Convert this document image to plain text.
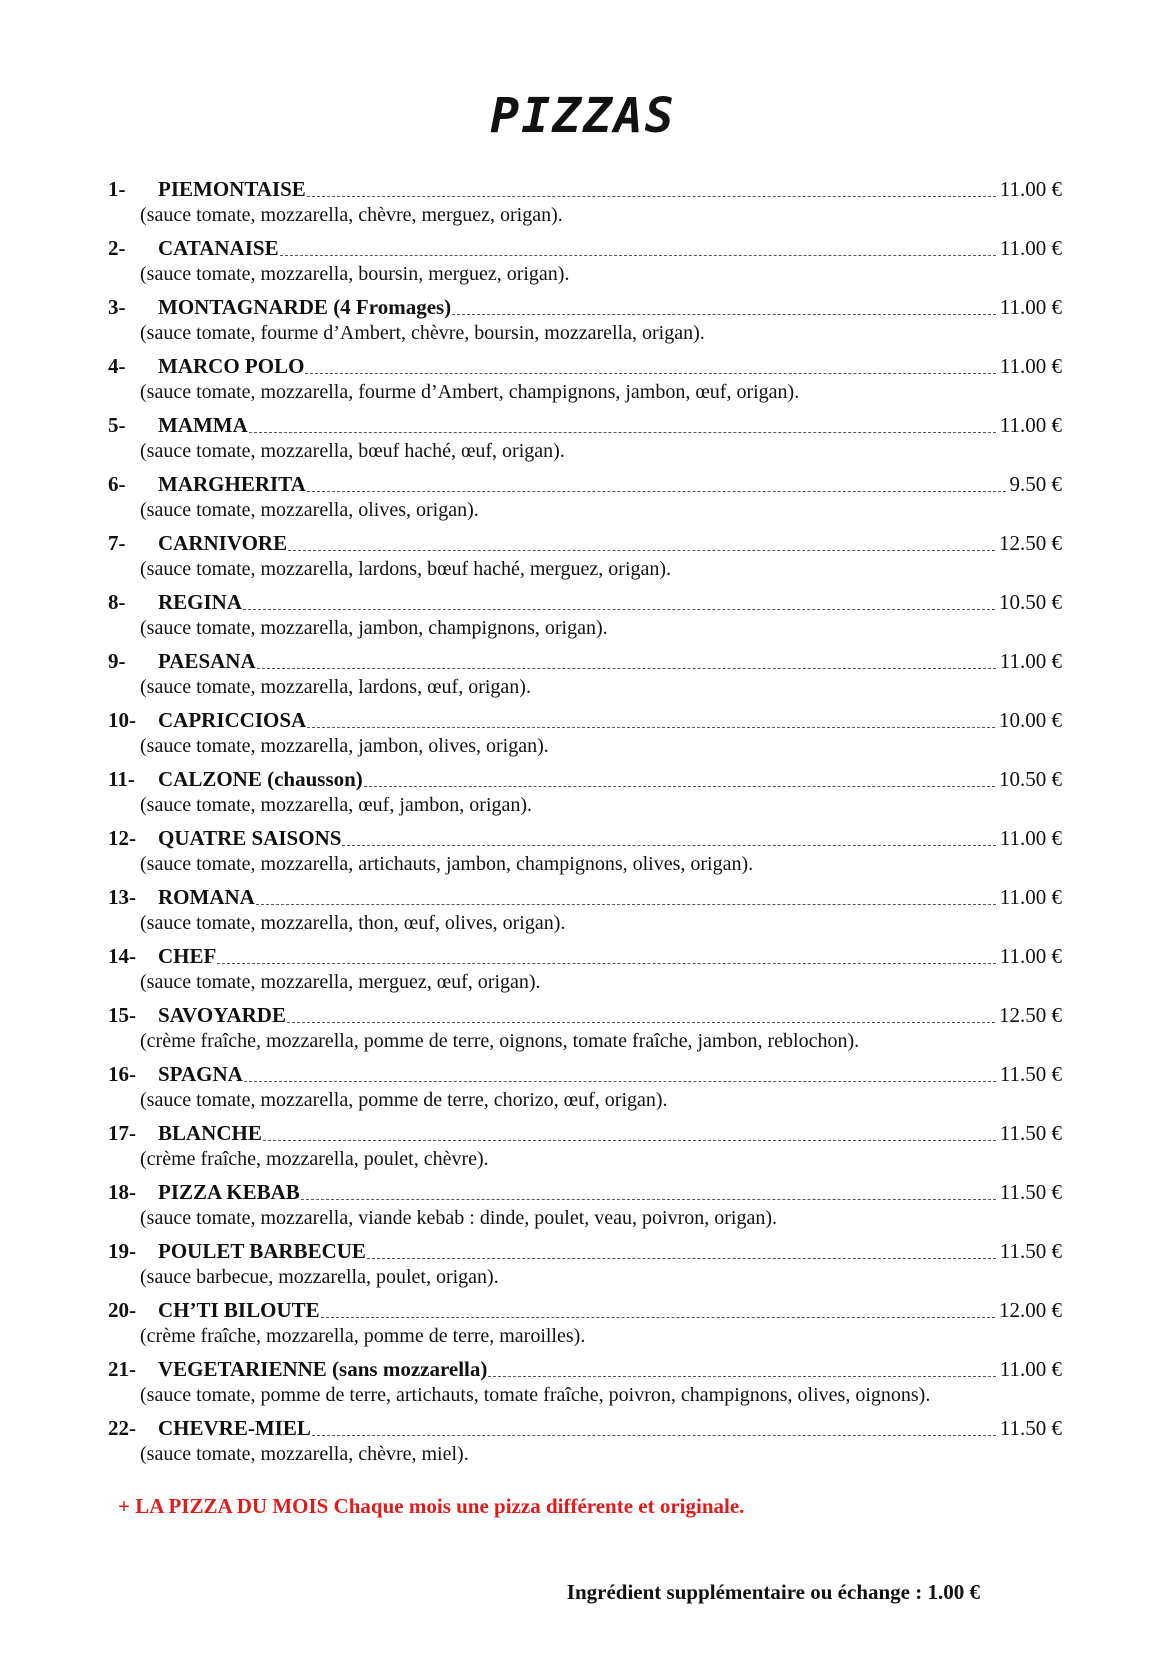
PIZZAS
1-	PIEMONTAISE	11.00 €
(sauce tomate, mozzarella, chèvre, merguez, origan).
2-	CATANAISE	11.00 €
(sauce tomate, mozzarella, boursin, merguez, origan).
3-	MONTAGNARDE (4 Fromages)	11.00 €
(sauce tomate, fourme d’Ambert, chèvre, boursin, mozzarella, origan).
4-	MARCO POLO	11.00 €
(sauce tomate, mozzarella, fourme d’Ambert, champignons, jambon, œuf, origan).
5-	MAMMA	11.00 €
(sauce tomate, mozzarella, bœuf haché, œuf, origan).
6-	MARGHERITA	9.50 €
(sauce tomate, mozzarella, olives, origan).
7-	CARNIVORE	12.50 €
(sauce tomate, mozzarella, lardons, bœuf haché, merguez, origan).
8-	REGINA	10.50 €
(sauce tomate, mozzarella, jambon, champignons, origan).
9-	PAESANA	11.00 €
(sauce tomate, mozzarella, lardons, œuf, origan).
10-	CAPRICCIOSA	10.00 €
(sauce tomate, mozzarella, jambon, olives, origan).
11-	CALZONE (chausson)	10.50 €
(sauce tomate, mozzarella, œuf, jambon, origan).
12-	QUATRE SAISONS	11.00 €
(sauce tomate, mozzarella, artichauts, jambon, champignons, olives, origan).
13-	ROMANA	11.00 €
(sauce tomate, mozzarella, thon, œuf, olives, origan).
14-	CHEF	11.00 €
(sauce tomate, mozzarella, merguez, œuf, origan).
15-	SAVOYARDE	12.50 €
(crème fraîche, mozzarella, pomme de terre, oignons, tomate fraîche, jambon, reblochon).
16-	SPAGNA	11.50 €
(sauce tomate, mozzarella, pomme de terre, chorizo, œuf, origan).
17-	BLANCHE	11.50 €
(crème fraîche, mozzarella, poulet, chèvre).
18-	PIZZA KEBAB	11.50 €
(sauce tomate, mozzarella, viande kebab : dinde, poulet, veau, poivron, origan).
19-	POULET BARBECUE	11.50 €
(sauce barbecue, mozzarella, poulet, origan).
20-	CH’TI BILOUTE	12.00 €
(crème fraîche, mozzarella, pomme de terre, maroilles).
21-	VEGETARIENNE (sans mozzarella)	11.00 €
(sauce tomate, pomme de terre, artichauts, tomate fraîche, poivron, champignons, olives, oignons).
22-	CHEVRE-MIEL	11.50 €
(sauce tomate, mozzarella, chèvre, miel).
+ LA PIZZA DU MOIS Chaque mois une pizza différente et originale.
Ingrédient supplémentaire ou échange : 1.00 €
